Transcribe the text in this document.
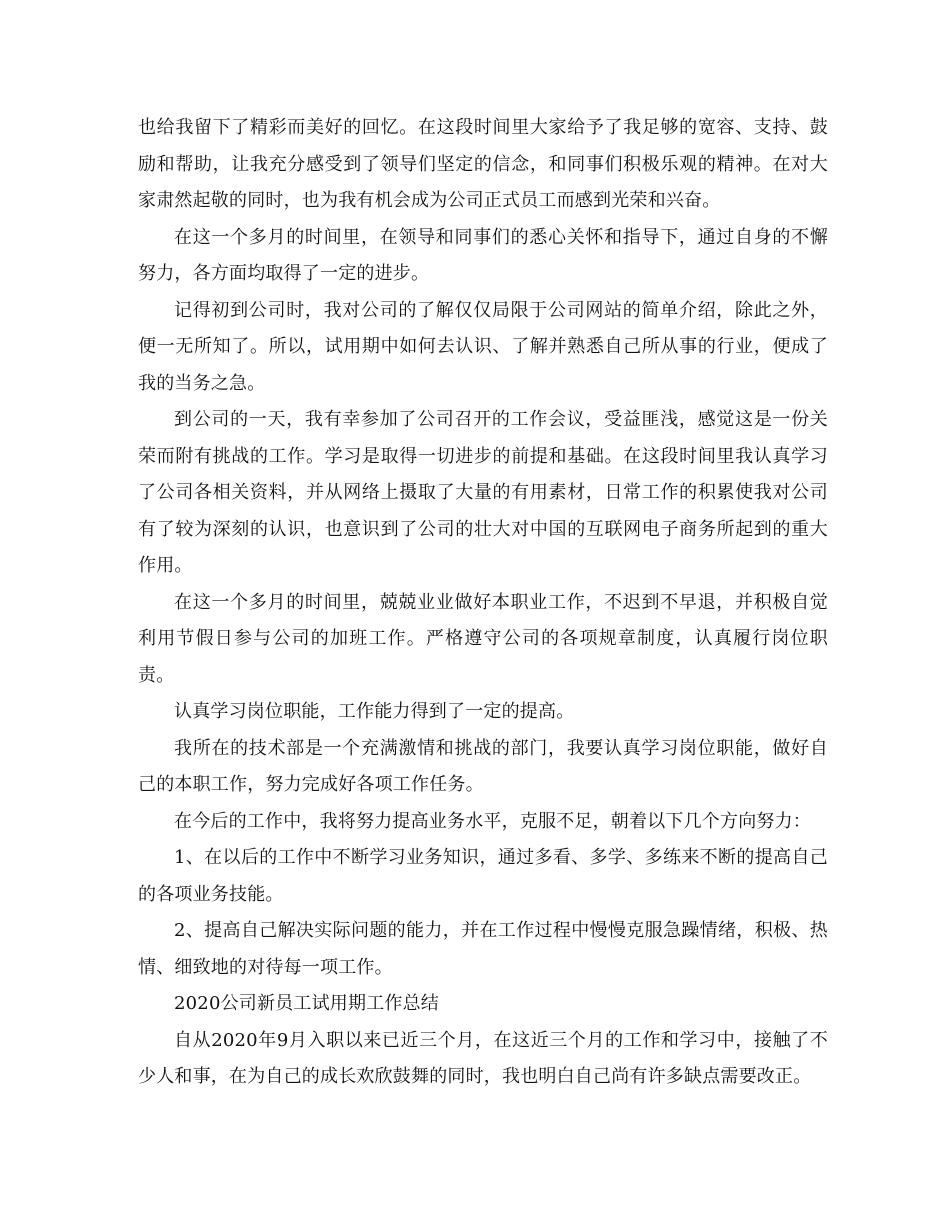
也给我留下了精彩而美好的回忆。在这段时间里大家给予了我足够的宽容、支持、鼓励和帮助，让我充分感受到了领导们坚定的信念，和同事们积极乐观的精神。在对大家肃然起敬的同时，也为我有机会成为公司正式员工而感到光荣和兴奋。

在这一个多月的时间里，在领导和同事们的悉心关怀和指导下，通过自身的不懈努力，各方面均取得了一定的进步。

记得初到公司时，我对公司的了解仅仅局限于公司网站的简单介绍，除此之外，便一无所知了。所以，试用期中如何去认识、了解并熟悉自己所从事的行业，便成了我的当务之急。

到公司的一天，我有幸参加了公司召开的工作会议，受益匪浅，感觉这是一份关荣而附有挑战的工作。学习是取得一切进步的前提和基础。在这段时间里我认真学习了公司各相关资料，并从网络上摄取了大量的有用素材，日常工作的积累使我对公司有了较为深刻的认识，也意识到了公司的壮大对中国的互联网电子商务所起到的重大作用。

在这一个多月的时间里，兢兢业业做好本职业工作，不迟到不早退，并积极自觉利用节假日参与公司的加班工作。严格遵守公司的各项规章制度，认真履行岗位职责。

认真学习岗位职能，工作能力得到了一定的提高。

我所在的技术部是一个充满激情和挑战的部门，我要认真学习岗位职能，做好自己的本职工作，努力完成好各项工作任务。

在今后的工作中，我将努力提高业务水平，克服不足，朝着以下几个方向努力：

1、在以后的工作中不断学习业务知识，通过多看、多学、多练来不断的提高自己的各项业务技能。

2、提高自己解决实际问题的能力，并在工作过程中慢慢克服急躁情绪，积极、热情、细致地的对待每一项工作。

2020公司新员工试用期工作总结

自从2020年9月入职以来已近三个月，在这近三个月的工作和学习中，接触了不少人和事，在为自己的成长欢欣鼓舞的同时，我也明白自己尚有许多缺点需要改正。
